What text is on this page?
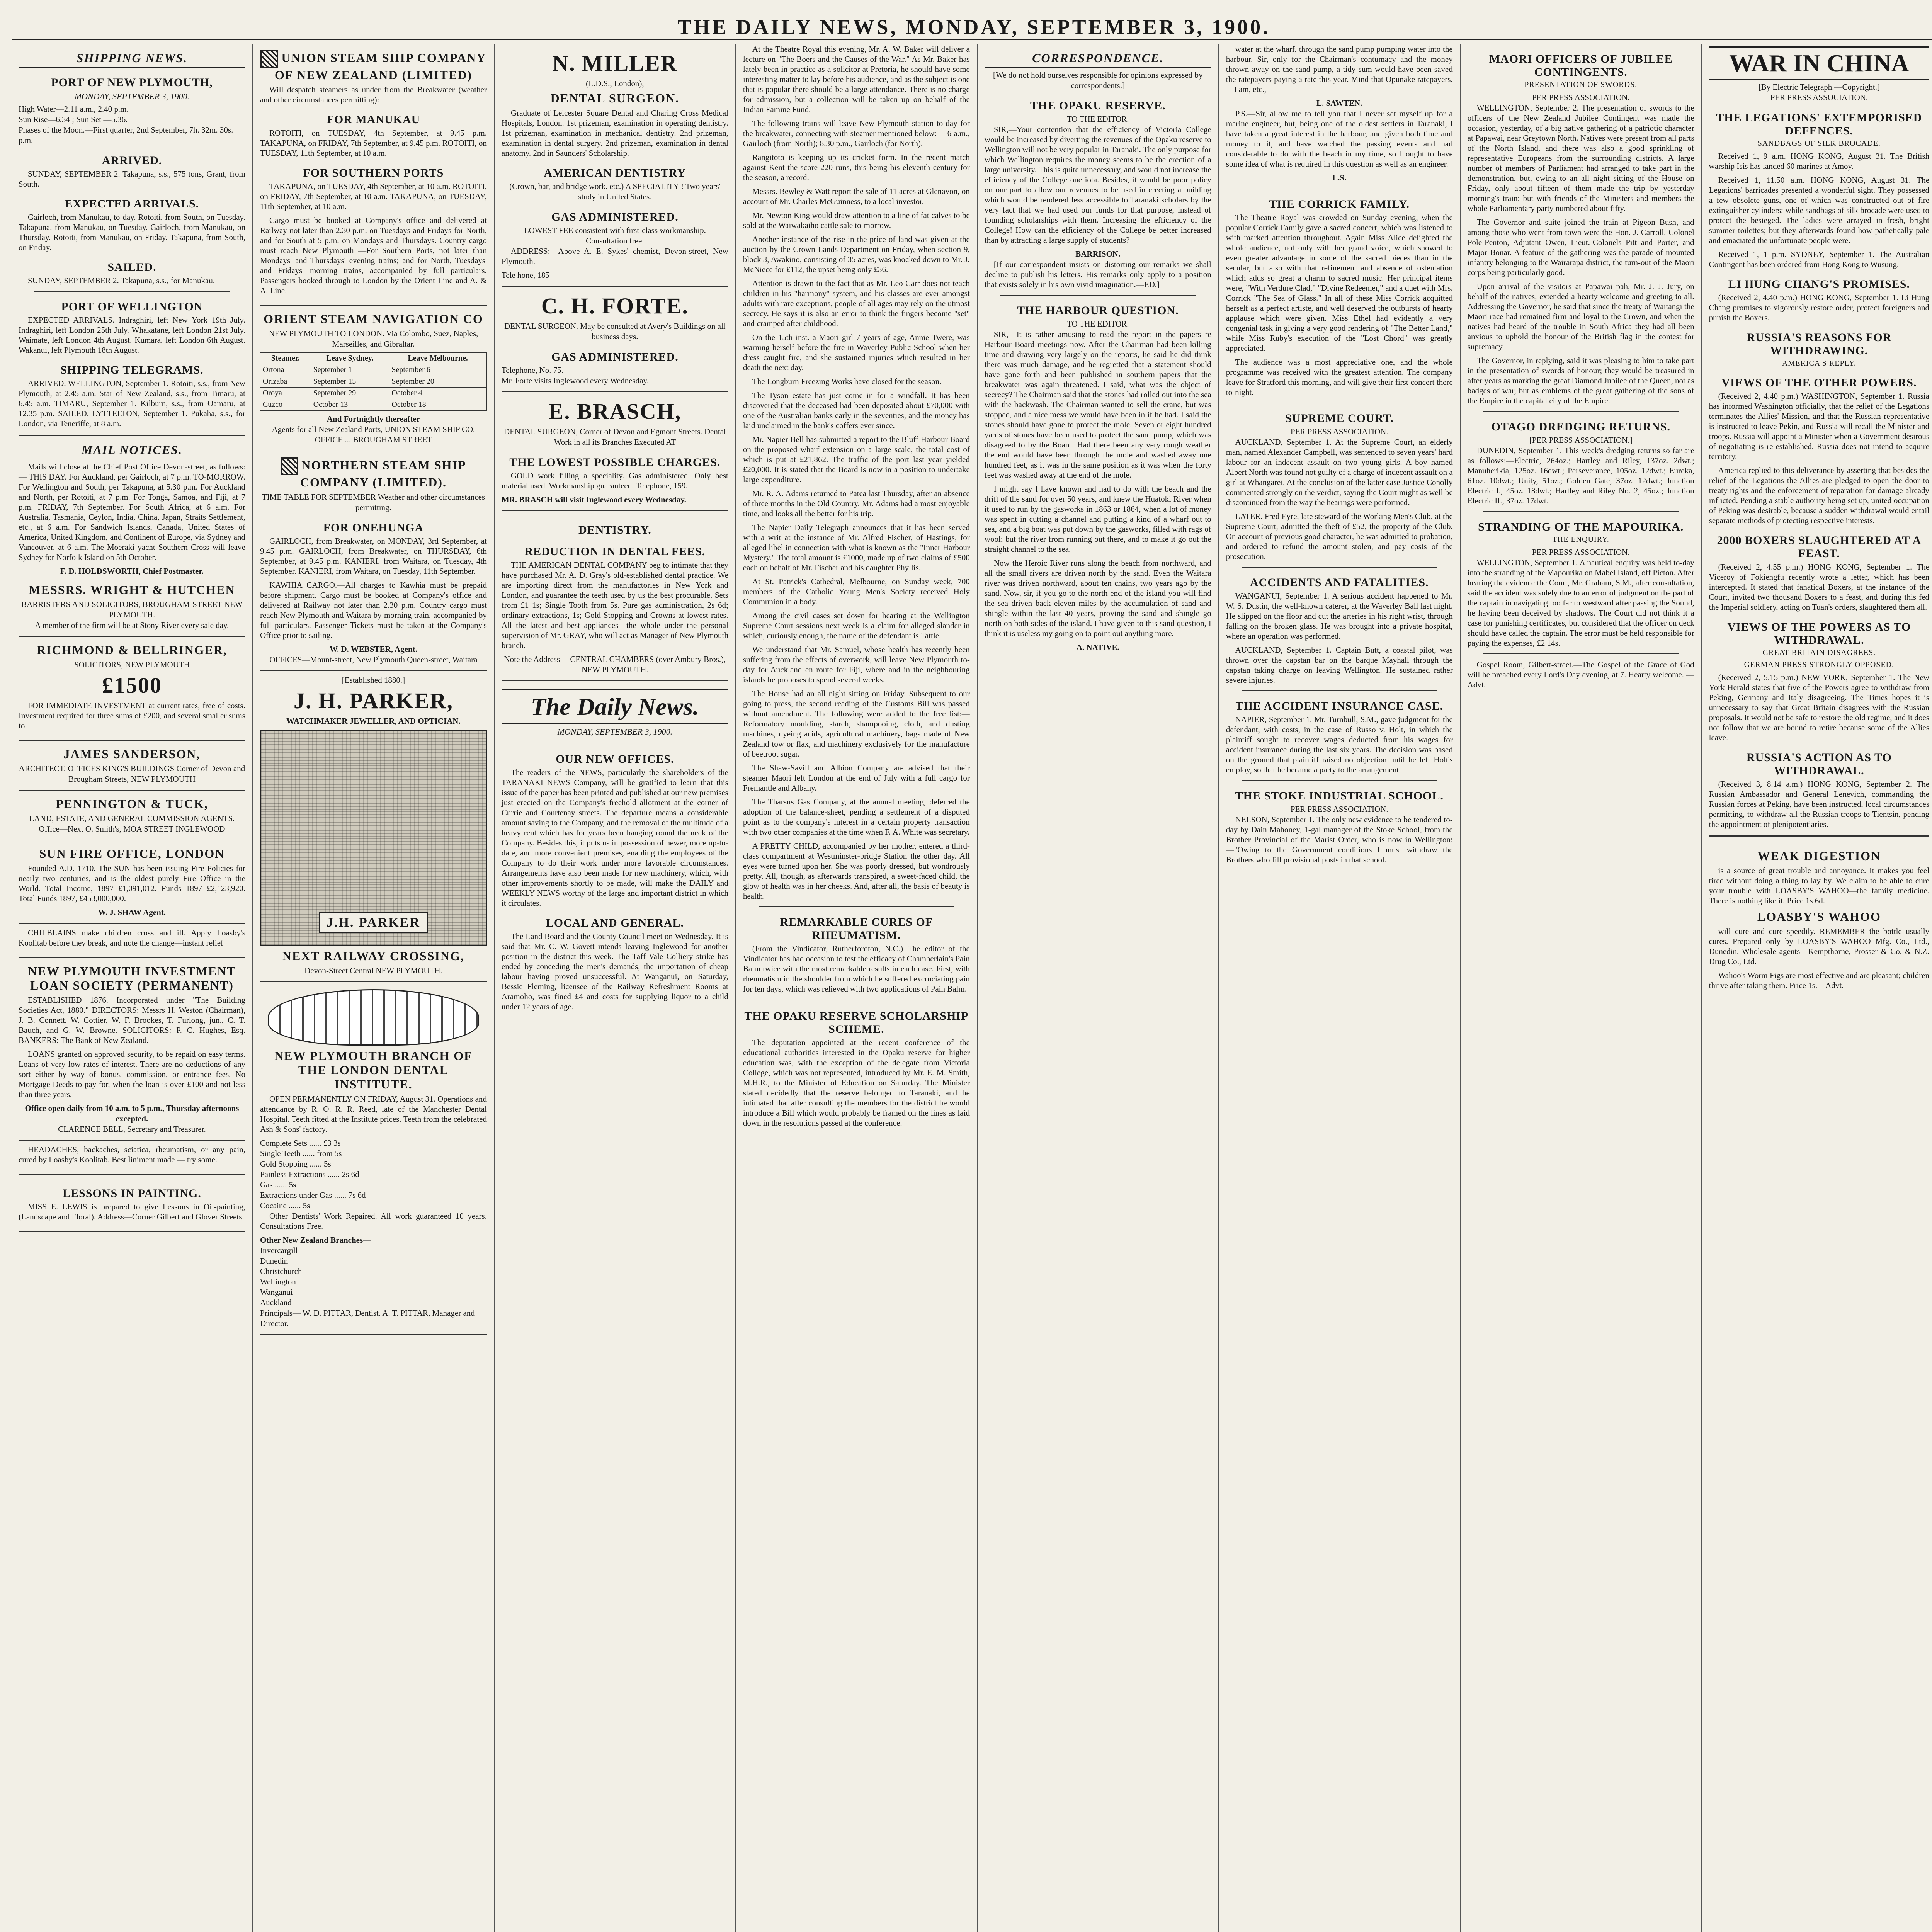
THE DAILY NEWS, MONDAY, SEPTEMBER 3, 1900.
SHIPPING NEWS.
PORT OF NEW PLYMOUTH,
MONDAY, SEPTEMBER 3, 1900.

High Water—2.11 a.m., 2.40 p.m.

Sun Rise—6.34 ; Sun Set —5.36.

Phases of the Moon.—First quarter, 2nd September, 7h. 32m. 30s. p.m.

ARRIVED.

SUNDAY, SEPTEMBER 2. Takapuna, s.s., 575 tons, Grant, from South.

EXPECTED ARRIVALS.

Gairloch, from Manukau, to-day. Rotoiti, from South, on Tuesday. Takapuna, from Manukau, on Tuesday. Gairloch, from Manukau, on Thursday. Rotoiti, from Manukau, on Friday. Takapuna, from South, on Friday.

SAILED.

SUNDAY, SEPTEMBER 2. Takapuna, s.s., for Manukau.

PORT OF WELLINGTON

EXPECTED ARRIVALS. Indraghiri, left New York 19th July. Indraghiri, left London 25th July. Whakatane, left London 21st July. Waimate, left London 4th August. Kumara, left London 6th August. Wakanui, left Plymouth 18th August.

SHIPPING TELEGRAMS.

ARRIVED. WELLINGTON, September 1. Rotoiti, s.s., from New Plymouth, at 2.45 a.m. Star of New Zealand, s.s., from Timaru, at 6.45 a.m. TIMARU, September 1. Kilburn, s.s., from Oamaru, at 12.35 p.m. SAILED. LYTTELTON, September 1. Pukaha, s.s., for London, via Teneriffe, at 8 a.m.

MAIL NOTICES.

Mails will close at the Chief Post Office Devon-street, as follows:— THIS DAY. For Auckland, per Gairloch, at 7 p.m. TO-MORROW. For Wellington and South, per Takapuna, at 5.30 p.m. For Auckland and North, per Rotoiti, at 7 p.m. For Tonga, Samoa, and Fiji, at 7 p.m. FRIDAY, 7th September. For South Africa, at 6 a.m. For Australia, Tasmania, Ceylon, India, China, Japan, Straits Settlement, etc., at 6 a.m. For Sandwich Islands, Canada, United States of America, United Kingdom, and Continent of Europe, via Sydney and Vancouver, at 6 a.m. The Moeraki yacht Southern Cross will leave Sydney for Norfolk Island on 5th October.

F. D. HOLDSWORTH, Chief Postmaster.

MESSRS. WRIGHT & HUTCHEN

BARRISTERS AND SOLICITORS, BROUGHAM-STREET NEW PLYMOUTH.

A member of the firm will be at Stony River every sale day.

RICHMOND & BELLRINGER,

SOLICITORS, NEW PLYMOUTH

£1500

FOR IMMEDIATE INVESTMENT at current rates, free of costs. Investment required for three sums of £200, and several smaller sums to

JAMES SANDERSON,

ARCHITECT. OFFICES KING'S BUILDINGS Corner of Devon and Brougham Streets, NEW PLYMOUTH

PENNINGTON & TUCK,

LAND, ESTATE, AND GENERAL COMMISSION AGENTS. Office—Next O. Smith's, MOA STREET INGLEWOOD

SUN FIRE OFFICE, LONDON

Founded A.D. 1710. The SUN has been issuing Fire Policies for nearly two centuries, and is the oldest purely Fire Office in the World. Total Income, 1897 £1,091,012. Funds 1897 £2,123,920. Total Funds 1897, £453,000,000.

W. J. SHAW Agent.

CHILBLAINS make children cross and ill. Apply Loasby's Koolitab before they break, and note the change—instant relief

NEW PLYMOUTH INVESTMENT LOAN SOCIETY (PERMANENT)

ESTABLISHED 1876. Incorporated under "The Building Societies Act, 1880." DIRECTORS: Messrs H. Weston (Chairman), J. B. Connett, W. Cottier, W. F. Brookes, T. Furlong, jun., C. T. Bauch, and G. W. Browne. SOLICITORS: P. C. Hughes, Esq. BANKERS: The Bank of New Zealand.

LOANS granted on approved security, to be repaid on easy terms. Loans of very low rates of interest. There are no deductions of any sort either by way of bonus, commission, or entrance fees. No Mortgage Deeds to pay for, when the loan is over £100 and not less than three years.

Office open daily from 10 a.m. to 5 p.m., Thursday afternoons excepted.

CLARENCE BELL, Secretary and Treasurer.

HEADACHES, backaches, sciatica, rheumatism, or any pain, cured by Loasby's Koolitab. Best liniment made — try some.

LESSONS IN PAINTING.

MISS E. LEWIS is prepared to give Lessons in Oil-painting, (Landscape and Floral). Address—Corner Gilbert and Glover Streets.

UNION STEAM SHIP COMPANY OF NEW ZEALAND (LIMITED)

Will despatch steamers as under from the Breakwater (weather and other circumstances permitting):

FOR MANUKAU

ROTOITI, on TUESDAY, 4th September, at 9.45 p.m. TAKAPUNA, on FRIDAY, 7th September, at 9.45 p.m. ROTOITI, on TUESDAY, 11th September, at 10 a.m.

FOR SOUTHERN PORTS

TAKAPUNA, on TUESDAY, 4th September, at 10 a.m. ROTOITI, on FRIDAY, 7th September, at 10 a.m. TAKAPUNA, on TUESDAY, 11th September, at 10 a.m.

Cargo must be booked at Company's office and delivered at Railway not later than 2.30 p.m. on Tuesdays and Fridays for North, and for South at 5 p.m. on Mondays and Thursdays. Country cargo must reach New Plymouth —For Southern Ports, not later than Mondays' and Thursdays' evening trains; and for North, Tuesdays' and Fridays' morning trains, accompanied by full particulars. Passengers booked through to London by the Orient Line and A. & A. Line.

ORIENT STEAM NAVIGATION CO

NEW PLYMOUTH TO LONDON. Via Colombo, Suez, Naples, Marseilles, and Gibraltar.

Steamer.	Leave Sydney.	Leave Melbourne.
Ortona	September 1	September 6
Orizaba	September 15	September 20
Oroya	September 29	October 4
Cuzco	October 13	October 18

And Fortnightly thereafter

Agents for all New Zealand Ports, UNION STEAM SHIP CO. OFFICE ... BROUGHAM STREET

NORTHERN STEAM SHIP COMPANY (LIMITED).

TIME TABLE FOR SEPTEMBER Weather and other circumstances permitting.

FOR ONEHUNGA

GAIRLOCH, from Breakwater, on MONDAY, 3rd September, at 9.45 p.m. GAIRLOCH, from Breakwater, on THURSDAY, 6th September, at 9.45 p.m. KANIERI, from Waitara, on Tuesday, 4th September. KANIERI, from Waitara, on Tuesday, 11th September.

KAWHIA CARGO.—All charges to Kawhia must be prepaid before shipment. Cargo must be booked at Company's office and delivered at Railway not later than 2.30 p.m. Country cargo must reach New Plymouth and Waitara by morning train, accompanied by full particulars. Passenger Tickets must be taken at the Company's Office prior to sailing.

W. D. WEBSTER, Agent.

OFFICES—Mount-street, New Plymouth Queen-street, Waitara

[Established 1880.]

J. H. PARKER,

WATCHMAKER JEWELLER, AND OPTICIAN.

J.H. PARKER
NEXT RAILWAY CROSSING,

Devon-Street Central NEW PLYMOUTH.

NEW PLYMOUTH BRANCH OF THE LONDON DENTAL INSTITUTE.

OPEN PERMANENTLY ON FRIDAY, August 31. Operations and attendance by R. O. R. R. Reed, late of the Manchester Dental Hospital. Teeth fitted at the Institute prices. Teeth from the celebrated Ash & Sons' factory.

Complete Sets ...... £3 3s

Single Teeth ...... from 5s

Gold Stopping ...... 5s

Painless Extractions ...... 2s 6d

Gas ...... 5s

Extractions under Gas ...... 7s 6d

Cocaine ...... 5s

Other Dentists' Work Repaired. All work guaranteed 10 years. Consultations Free.

Other New Zealand Branches—

Invercargill

Dunedin

Christchurch

Wellington

Wanganui

Auckland

Principals— W. D. PITTAR, Dentist. A. T. PITTAR, Manager and Director.

N. MILLER

(L.D.S., London),

DENTAL SURGEON.

Graduate of Leicester Square Dental and Charing Cross Medical Hospitals, London. 1st prizeman, examination in operating dentistry. 1st prizeman, examination in mechanical dentistry. 2nd prizeman, examination in dental surgery. 2nd prizeman, examination in dental anatomy. 2nd in Saunders' Scholarship.

AMERICAN DENTISTRY

(Crown, bar, and bridge work. etc.) A SPECIALITY ! Two years' study in United States.

GAS ADMINISTERED.

LOWEST FEE consistent with first-class workmanship.

Consultation free.

ADDRESS:—Above A. E. Sykes' chemist, Devon-street, New Plymouth.

Tele hone, 185

C. H. FORTE.

DENTAL SURGEON. May be consulted at Avery's Buildings on all business days.

GAS ADMINISTERED.

Telephone, No. 75.

Mr. Forte visits Inglewood every Wednesday.

E. BRASCH,

DENTAL SURGEON, Corner of Devon and Egmont Streets. Dental Work in all its Branches Executed AT

THE LOWEST POSSIBLE CHARGES.

GOLD work filling a speciality. Gas administered. Only best material used. Workmanship guaranteed. Telephone, 159.

MR. BRASCH will visit Inglewood every Wednesday.

DENTISTRY.
REDUCTION IN DENTAL FEES.

THE AMERICAN DENTAL COMPANY beg to intimate that they have purchased Mr. A. D. Gray's old-established dental practice. We are importing direct from the manufactories in New York and London, and guarantee the teeth used by us the best procurable. Sets from £1 1s; Single Tooth from 5s. Pure gas administration, 2s 6d; ordinary extractions, 1s; Gold Stopping and Crowns at lowest rates. All the latest and best appliances—the whole under the personal supervision of Mr. GRAY, who will act as Manager of New Plymouth branch.

Note the Address— CENTRAL CHAMBERS (over Ambury Bros.), NEW PLYMOUTH.

The Daily News.
MONDAY, SEPTEMBER 3, 1900.
OUR NEW OFFICES.

The readers of the NEWS, particularly the shareholders of the TARANAKI NEWS Company, will be gratified to learn that this issue of the paper has been printed and published at our new premises just erected on the Company's freehold allotment at the corner of Currie and Courtenay streets. The departure means a considerable amount saving to the Company, and the removal of the multitude of a heavy rent which has for years been hanging round the neck of the Company. Besides this, it puts us in possession of newer, more up-to-date, and more convenient premises, enabling the employees of the Company to do their work under more favorable circumstances. Arrangements have also been made for new machinery, which, with other improvements shortly to be made, will make the DAILY and WEEKLY NEWS worthy of the large and important district in which it circulates.

LOCAL AND GENERAL.

The Land Board and the County Council meet on Wednesday. It is said that Mr. C. W. Govett intends leaving Inglewood for another position in the district this week. The Taff Vale Colliery strike has ended by conceding the men's demands, the importation of cheap labour having proved unsuccessful. At Wanganui, on Saturday, Bessie Fleming, licensee of the Railway Refreshment Rooms at Aramoho, was fined £4 and costs for supplying liquor to a child under 12 years of age.

At the Theatre Royal this evening, Mr. A. W. Baker will deliver a lecture on "The Boers and the Causes of the War." As Mr. Baker has lately been in practice as a solicitor at Pretoria, he should have some interesting matter to lay before his audience, and as the subject is one that is popular there should be a large attendance. There is no charge for admission, but a collection will be taken up on behalf of the Indian Famine Fund.

The following trains will leave New Plymouth station to-day for the breakwater, connecting with steamer mentioned below:— 6 a.m., Gairloch (from North); 8.30 p.m., Gairloch (for North).

Rangitoto is keeping up its cricket form. In the recent match against Kent the score 220 runs, this being his eleventh century for the season, a record.

Messrs. Bewley & Watt report the sale of 11 acres at Glenavon, on account of Mr. Charles McGuinness, to a local investor.

Mr. Newton King would draw attention to a line of fat calves to be sold at the Waiwakaiho cattle sale to-morrow.

Another instance of the rise in the price of land was given at the auction by the Crown Lands Department on Friday, when section 9, block 3, Awakino, consisting of 35 acres, was knocked down to Mr. J. McNiece for £112, the upset being only £36.

Attention is drawn to the fact that as Mr. Leo Carr does not teach children in his "harmony" system, and his classes are ever amongst adults with rare exceptions, people of all ages may rely on the utmost secrecy. He says it is also an error to think the fingers become "set" and cramped after childhood.

On the 15th inst. a Maori girl 7 years of age, Annie Twere, was warning herself before the fire in Waverley Public School when her dress caught fire, and she sustained injuries which resulted in her death the next day.

The Longburn Freezing Works have closed for the season.

The Tyson estate has just come in for a windfall. It has been discovered that the deceased had been deposited about £70,000 with one of the Australian banks early in the seventies, and the money has laid unclaimed in the bank's coffers ever since.

Mr. Napier Bell has submitted a report to the Bluff Harbour Board on the proposed wharf extension on a large scale, the total cost of which is put at £21,862. The traffic of the port last year yielded £20,000. It is stated that the Board is now in a position to undertake large expenditure.

Mr. R. A. Adams returned to Patea last Thursday, after an absence of three months in the Old Country. Mr. Adams had a most enjoyable time, and looks all the better for his trip.

The Napier Daily Telegraph announces that it has been served with a writ at the instance of Mr. Alfred Fischer, of Hastings, for alleged libel in connection with what is known as the "Inner Harbour Mystery." The total amount is £1000, made up of two claims of £500 each on behalf of Mr. Fischer and his daughter Phyllis.

At St. Patrick's Cathedral, Melbourne, on Sunday week, 700 members of the Catholic Young Men's Society received Holy Communion in a body.

Among the civil cases set down for hearing at the Wellington Supreme Court sessions next week is a claim for alleged slander in which, curiously enough, the name of the defendant is Tattle.

We understand that Mr. Samuel, whose health has recently been suffering from the effects of overwork, will leave New Plymouth to-day for Auckland en route for Fiji, where and in the neighbouring islands he proposes to spend several weeks.

The House had an all night sitting on Friday. Subsequent to our going to press, the second reading of the Customs Bill was passed without amendment. The following were added to the free list:—Reformatory moulding, starch, shampooing, cloth, and dusting machines, dyeing acids, agricultural machinery, bags made of New Zealand tow or flax, and machinery exclusively for the manufacture of beetroot sugar.

The Shaw-Savill and Albion Company are advised that their steamer Maori left London at the end of July with a full cargo for Fremantle and Albany.

The Tharsus Gas Company, at the annual meeting, deferred the adoption of the balance-sheet, pending a settlement of a disputed point as to the company's interest in a certain property transaction with two other companies at the time when F. A. White was secretary.

A PRETTY CHILD, accompanied by her mother, entered a third-class compartment at Westminster-bridge Station the other day. All eyes were turned upon her. She was poorly dressed, but wondrously pretty. All, though, as afterwards transpired, a sweet-faced child, the glow of health was in her cheeks. And, after all, the basis of beauty is health.

REMARKABLE CURES OF RHEUMATISM.

(From the Vindicator, Rutherfordton, N.C.) The editor of the Vindicator has had occasion to test the efficacy of Chamberlain's Pain Balm twice with the most remarkable results in each case. First, with rheumatism in the shoulder from which he suffered excruciating pain for ten days, which was relieved with two applications of Pain Balm.

THE OPAKU RESERVE SCHOLARSHIP SCHEME.

The deputation appointed at the recent conference of the educational authorities interested in the Opaku reserve for higher education was, with the exception of the delegate from Victoria College, which was not represented, introduced by Mr. E. M. Smith, M.H.R., to the Minister of Education on Saturday. The Minister stated decidedly that the reserve belonged to Taranaki, and he intimated that after consulting the members for the district he would introduce a Bill which would probably be framed on the lines as laid down in the resolutions passed at the conference.

CORRESPONDENCE.

[We do not hold ourselves responsible for opinions expressed by correspondents.]

THE OPAKU RESERVE.

TO THE EDITOR.

SIR,—Your contention that the efficiency of Victoria College would be increased by diverting the revenues of the Opaku reserve to Wellington will not be very popular in Taranaki. The only purpose for which Wellington requires the money seems to be the erection of a large university. This is quite unnecessary, and would not increase the efficiency of the College one iota. Besides, it would be poor policy on our part to allow our revenues to be used in erecting a building which would be rendered less accessible to Taranaki scholars by the very fact that we had used our funds for that purpose, instead of founding scholarships with them. Increasing the efficiency of the College! How can the efficiency of the College be better increased than by attracting a large supply of students?

BARRISON.

[If our correspondent insists on distorting our remarks we shall decline to publish his letters. His remarks only apply to a position that exists solely in his own vivid imagination.—ED.]

THE HARBOUR QUESTION.

TO THE EDITOR.

SIR,—It is rather amusing to read the report in the papers re Harbour Board meetings now. After the Chairman had been killing time and drawing very largely on the reports, he said he did think there was much damage, and he regretted that a statement should have gone forth and been published in southern papers that the breakwater was again threatened. I said, what was the object of secrecy? The Chairman said that the stones had rolled out into the sea with the backwash. The Chairman wanted to sell the crane, but was stopped, and a nice mess we would have been in if he had. I said the stones should have gone to protect the mole. Seven or eight hundred yards of stones have been used to protect the sand pump, which was disagreed to by the Board. Had there been any very rough weather the end would have been through the mole and washed away one hundred feet, as it was in the same position as it was when the forty feet was washed away at the end of the mole.

I might say I have known and had to do with the beach and the drift of the sand for over 50 years, and knew the Huatoki River when it used to run by the gasworks in 1863 or 1864, when a lot of money was spent in cutting a channel and putting a kind of a wharf out to sea, and a big boat was put down by the gasworks, filled with rags of wool; but the river from running out there, and to make it go out the straight channel to the sea.

Now the Heroic River runs along the beach from northward, and all the small rivers are driven north by the sand. Even the Waitara river was driven northward, about ten chains, two years ago by the sand. Now, sir, if you go to the north end of the island you will find the sea driven back eleven miles by the accumulation of sand and shingle within the last 40 years, proving the sand and shingle go north on both sides of the island. I have given to this sand question, I think it is useless my going on to point out anything more.

A. NATIVE.

water at the wharf, through the sand pump pumping water into the harbour. Sir, only for the Chairman's contumacy and the money thrown away on the sand pump, a tidy sum would have been saved the ratepayers paying a rate this year. Mind that Opunake ratepayers.—I am, etc.,

L. SAWTEN.

P.S.—Sir, allow me to tell you that I never set myself up for a marine engineer, but, being one of the oldest settlers in Taranaki, I have taken a great interest in the harbour, and given both time and money to it, and have watched the passing events and had considerable to do with the beach in my time, so I ought to have some idea of what is required in this question as well as an engineer.

L.S.

THE CORRICK FAMILY.

The Theatre Royal was crowded on Sunday evening, when the popular Corrick Family gave a sacred concert, which was listened to with marked attention throughout. Again Miss Alice delighted the whole audience, not only with her grand voice, which showed to even greater advantage in some of the sacred pieces than in the secular, but also with that refinement and absence of ostentation which adds so great a charm to sacred music. Her principal items were, "With Verdure Clad," "Divine Redeemer," and a duet with Mrs. Corrick "The Sea of Glass." In all of these Miss Corrick acquitted herself as a perfect artiste, and well deserved the outbursts of hearty applause which were given. Miss Ethel had evidently a very congenial task in giving a very good rendering of "The Better Land," while Miss Ruby's execution of the "Lost Chord" was greatly appreciated.

The audience was a most appreciative one, and the whole programme was received with the greatest attention. The company leave for Stratford this morning, and will give their first concert there to-night.

SUPREME COURT.

PER PRESS ASSOCIATION.

AUCKLAND, September 1. At the Supreme Court, an elderly man, named Alexander Campbell, was sentenced to seven years' hard labour for an indecent assault on two young girls. A boy named Albert North was found not guilty of a charge of indecent assault on a girl at Whangarei. At the conclusion of the latter case Justice Conolly commented strongly on the verdict, saying the Court might as well be discontinued from the way the hearings were performed.

LATER. Fred Eyre, late steward of the Working Men's Club, at the Supreme Court, admitted the theft of £52, the property of the Club. On account of previous good character, he was admitted to probation, and ordered to refund the amount stolen, and pay costs of the prosecution.

ACCIDENTS AND FATALITIES.

WANGANUI, September 1. A serious accident happened to Mr. W. S. Dustin, the well-known caterer, at the Waverley Ball last night. He slipped on the floor and cut the arteries in his right wrist, through falling on the broken glass. He was brought into a private hospital, where an operation was performed.

AUCKLAND, September 1. Captain Butt, a coastal pilot, was thrown over the capstan bar on the barque Mayhall through the capstan taking charge on leaving Wellington. He sustained rather severe injuries.

THE ACCIDENT INSURANCE CASE.

NAPIER, September 1. Mr. Turnbull, S.M., gave judgment for the defendant, with costs, in the case of Russo v. Holt, in which the plaintiff sought to recover wages deducted from his wages for accident insurance during the last six years. The decision was based on the ground that plaintiff raised no objection until he left Holt's employ, so that he became a party to the arrangement.

THE STOKE INDUSTRIAL SCHOOL.

PER PRESS ASSOCIATION.

NELSON, September 1. The only new evidence to be tendered to-day by Dain Mahoney, 1-gal manager of the Stoke School, from the Brother Provincial of the Marist Order, who is now in Wellington:—"Owing to the Government conditions I must withdraw the Brothers who fill provisional posts in that school.

MAORI OFFICERS OF JUBILEE CONTINGENTS.

PRESENTATION OF SWORDS.

PER PRESS ASSOCIATION.

WELLINGTON, September 2. The presentation of swords to the officers of the New Zealand Jubilee Contingent was made the occasion, yesterday, of a big native gathering of a patriotic character at Papawai, near Greytown North. Natives were present from all parts of the North Island, and there was also a good sprinkling of representative Europeans from the surrounding districts. A large number of members of Parliament had arranged to take part in the demonstration, but, owing to an all night sitting of the House on Friday, only about fifteen of them made the trip by yesterday morning's train; but with friends of the Ministers and members the whole Parliamentary party numbered about fifty.

The Governor and suite joined the train at Pigeon Bush, and among those who went from town were the Hon. J. Carroll, Colonel Pole-Penton, Adjutant Owen, Lieut.-Colonels Pitt and Porter, and Major Bonar. A feature of the gathering was the parade of mounted infantry belonging to the Wairarapa district, the turn-out of the Maori corps being particularly good.

Upon arrival of the visitors at Papawai pah, Mr. J. J. Jury, on behalf of the natives, extended a hearty welcome and greeting to all. Addressing the Governor, he said that since the treaty of Waitangi the Maori race had remained firm and loyal to the Crown, and when the natives had heard of the trouble in South Africa they had all been anxious to uphold the honour of the British flag in the contest for supremacy.

The Governor, in replying, said it was pleasing to him to take part in the presentation of swords of honour; they would be treasured in after years as marking the great Diamond Jubilee of the Queen, not as badges of war, but as emblems of the great gathering of the sons of the Empire in the capital city of the Empire.

OTAGO DREDGING RETURNS.

[PER PRESS ASSOCIATION.]

DUNEDIN, September 1. This week's dredging returns so far are as follows:—Electric, 264oz.; Hartley and Riley, 137oz. 2dwt.; Manuherikia, 125oz. 16dwt.; Perseverance, 105oz. 12dwt.; Eureka, 61oz. 10dwt.; Unity, 51oz.; Golden Gate, 37oz. 12dwt.; Junction Electric I., 45oz. 18dwt.; Hartley and Riley No. 2, 45oz.; Junction Electric II., 37oz. 17dwt.

STRANDING OF THE MAPOURIKA.

THE ENQUIRY.

PER PRESS ASSOCIATION.

WELLINGTON, September 1. A nautical enquiry was held to-day into the stranding of the Mapourika on Mabel Island, off Picton. After hearing the evidence the Court, Mr. Graham, S.M., after consultation, said the accident was solely due to an error of judgment on the part of the captain in navigating too far to westward after passing the Sound, he having been deceived by shadows. The Court did not think it a case for punishing certificates, but considered that the officer on deck should have called the captain. The error must be held responsible for paying the expenses, £2 14s.

Gospel Room, Gilbert-street.—The Gospel of the Grace of God will be preached every Lord's Day evening, at 7. Hearty welcome. —Advt.

WAR IN CHINA

[By Electric Telegraph.—Copyright.]

PER PRESS ASSOCIATION.

THE LEGATIONS' EXTEMPORISED DEFENCES.

SANDBAGS OF SILK BROCADE.

Received 1, 9 a.m. HONG KONG, August 31. The British warship Isis has landed 60 marines at Amoy.

Received 1, 11.50 a.m. HONG KONG, August 31. The Legations' barricades presented a wonderful sight. They possessed a few obsolete guns, one of which was constructed out of fire extinguisher cylinders; while sandbags of silk brocade were used to protect the besieged. The ladies were arrayed in fresh, bright summer toilettes; but they afterwards found how pathetically pale and emaciated the unfortunate people were.

Received 1, 1 p.m. SYDNEY, September 1. The Australian Contingent has been ordered from Hong Kong to Wusung.

LI HUNG CHANG'S PROMISES.

(Received 2, 4.40 p.m.) HONG KONG, September 1. Li Hung Chang promises to vigorously restore order, protect foreigners and punish the Boxers.

RUSSIA'S REASONS FOR WITHDRAWING.

AMERICA'S REPLY.

VIEWS OF THE OTHER POWERS.

(Received 2, 4.40 p.m.) WASHINGTON, September 1. Russia has informed Washington officially, that the relief of the Legations terminates the Allies' Mission, and that the Russian representative is instructed to leave Pekin, and Russia will recall the Minister and troops. Russia will appoint a Minister when a Government desirous of negotiating is re-established. Russia does not intend to acquire territory.

America replied to this deliverance by asserting that besides the relief of the Legations the Allies are pledged to open the door to treaty rights and the enforcement of reparation for damage already inflicted. Pending a stable authority being set up, united occupation of Peking was desirable, because a sudden withdrawal would entail separate methods of protecting respective interests.

2000 BOXERS SLAUGHTERED AT A FEAST.

(Received 2, 4.55 p.m.) HONG KONG, September 1. The Viceroy of Fokiengfu recently wrote a letter, which has been intercepted. It stated that fanatical Boxers, at the instance of the Court, invited two thousand Boxers to a feast, and during this fed the Imperial soldiery, acting on Tuan's orders, slaughtered them all.

VIEWS OF THE POWERS AS TO WITHDRAWAL.

GREAT BRITAIN DISAGREES.

GERMAN PRESS STRONGLY OPPOSED.

(Received 2, 5.15 p.m.) NEW YORK, September 1. The New York Herald states that five of the Powers agree to withdraw from Peking, Germany and Italy disagreeing. The Times hopes it is unnecessary to say that Great Britain disagrees with the Russian proposals. It would not be safe to restore the old regime, and it does not follow that we are bound to retire because some of the Allies leave.

RUSSIA'S ACTION AS TO WITHDRAWAL.

(Received 3, 8.14 a.m.) HONG KONG, September 2. The Russian Ambassador and General Lenevich, commanding the Russian forces at Peking, have been instructed, local circumstances permitting, to withdraw all the Russian troops to Tientsin, pending the appointment of plenipotentiaries.

WEAK DIGESTION

is a source of great trouble and annoyance. It makes you feel tired without doing a thing to lay by. We claim to be able to cure your trouble with LOASBY'S WAHOO—the family medicine. There is nothing like it. Price 1s 6d.

LOASBY'S WAHOO

will cure and cure speedily. REMEMBER the bottle usually cures. Prepared only by LOASBY'S WAHOO Mfg. Co., Ltd., Dunedin. Wholesale agents—Kempthorne, Prosser & Co. & N.Z. Drug Co., Ltd.

Wahoo's Worm Figs are most effective and are pleasant; children thrive after taking them. Price 1s.—Advt.
